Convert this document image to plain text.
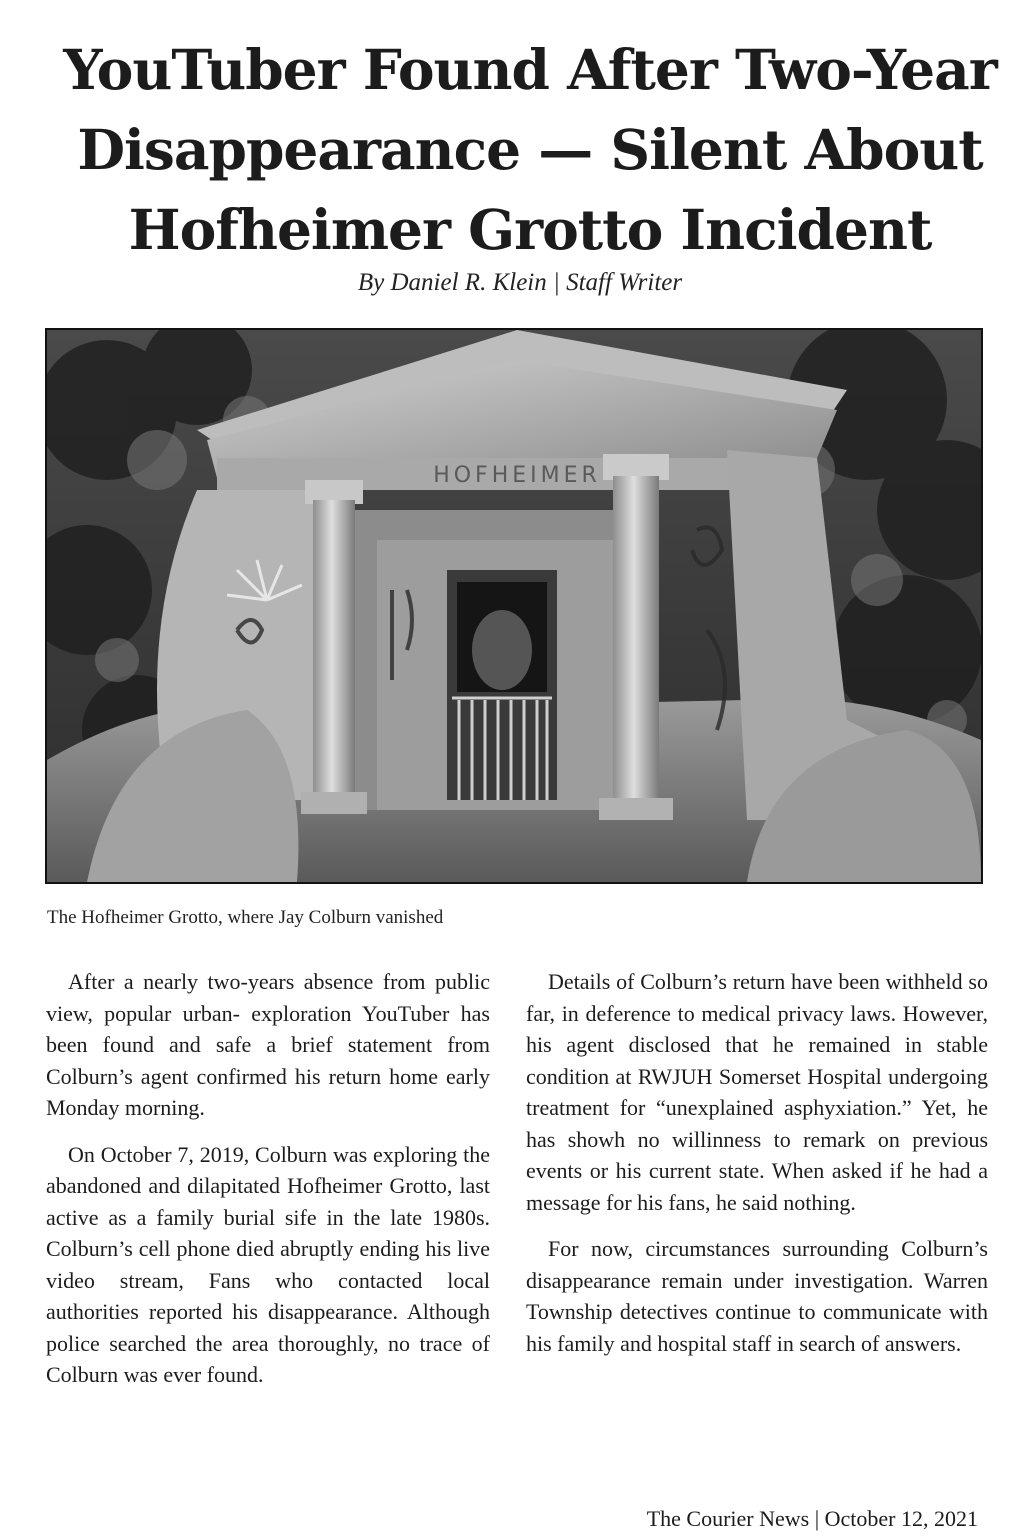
YouTuber Found After Two-Year Disappearance — Silent About Hofheimer Grotto Incident
By Daniel R. Klein | Staff Writer
HOFHEIMER
The Hofheimer Grotto, where Jay Colburn vanished

After a nearly two-years absence from public view, popular urban- exploration YouTuber has been found and safe a brief statement from Colburn’s agent confirmed his return home early Monday morning.

On October 7, 2019, Colburn was exploring the abandoned and dilapitated Hofheimer Grotto, last active as a family burial sife in the late 1980s. Colburn’s cell phone died abruptly ending his live video stream, Fans who contacted local authorities reported his disappearance. Although police searched the area thoroughly, no trace of Colburn was ever found.

Details of Colburn’s return have been withheld so far, in deference to medical privacy laws. However, his agent disclosed that he remained in stable condition at RWJUH Somerset Hospital undergoing treatment for “unexplained asphyxiation.” Yet, he has showh no willinness to remark on previous events or his current state. When asked if he had a message for his fans, he said nothing.

For now, circumstances surrounding Colburn’s disappearance remain under investigation. Warren Township detectives continue to communicate with his family and hospital staff in search of answers.

The Courier News | October 12, 2021
